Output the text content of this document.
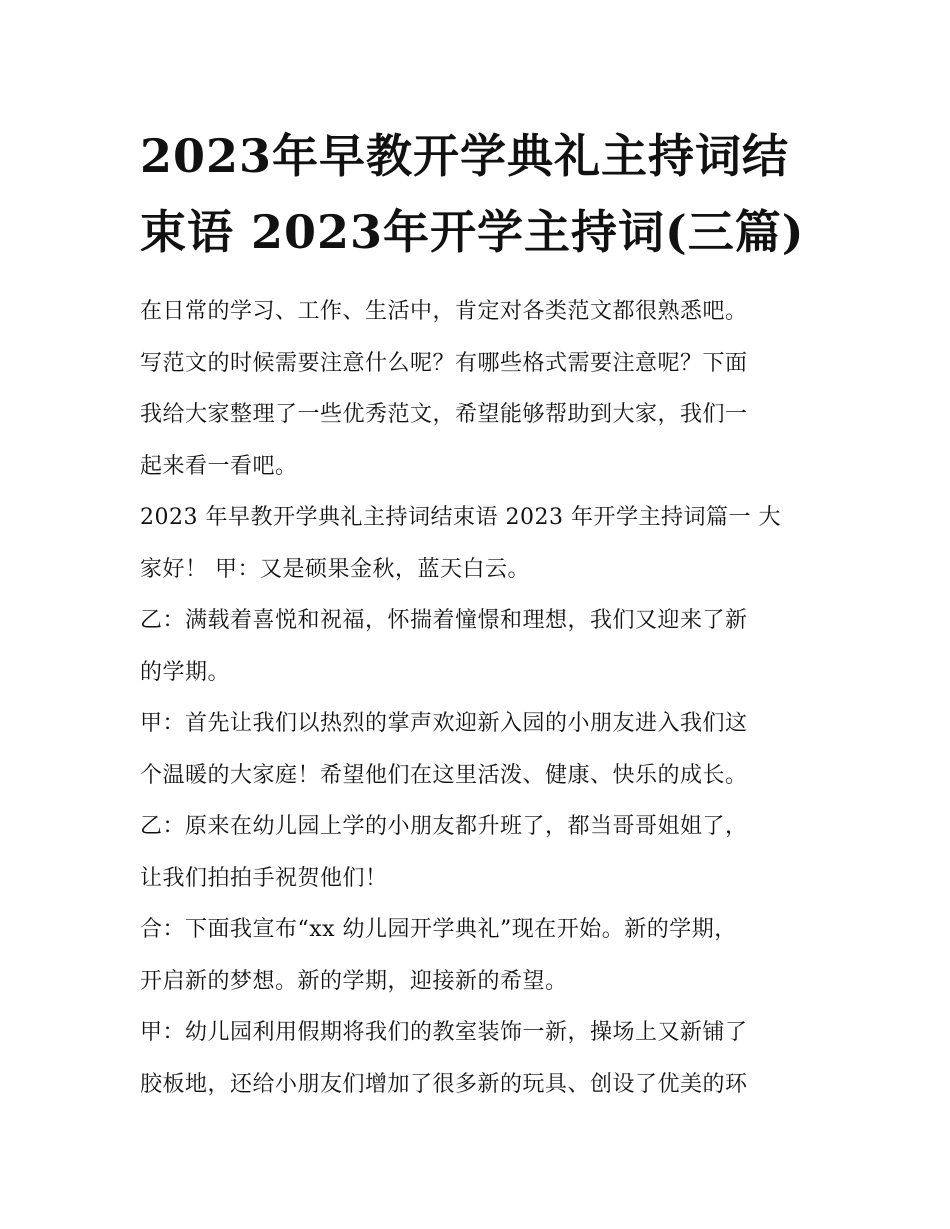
2023年早教开学典礼主持词结
束语 2023年开学主持词(三篇)
在日常的学习、工作、生活中，肯定对各类范文都很熟悉吧。
写范文的时候需要注意什么呢？有哪些格式需要注意呢？下面
我给大家整理了一些优秀范文，希望能够帮助到大家，我们一
起来看一看吧。
2023 年早教开学典礼主持词结束语 2023 年开学主持词篇一 大
家好！ 甲：又是硕果金秋，蓝天白云。
乙：满载着喜悦和祝福，怀揣着憧憬和理想，我们又迎来了新
的学期。
甲：首先让我们以热烈的掌声欢迎新入园的小朋友进入我们这
个温暖的大家庭！希望他们在这里活泼、健康、快乐的成长。
乙：原来在幼儿园上学的小朋友都升班了，都当哥哥姐姐了，
让我们拍拍手祝贺他们！
合：下面我宣布“xx 幼儿园开学典礼”现在开始。新的学期，
开启新的梦想。新的学期，迎接新的希望。
甲：幼儿园利用假期将我们的教室装饰一新，操场上又新铺了
胶板地，还给小朋友们增加了很多新的玩具、创设了优美的环
